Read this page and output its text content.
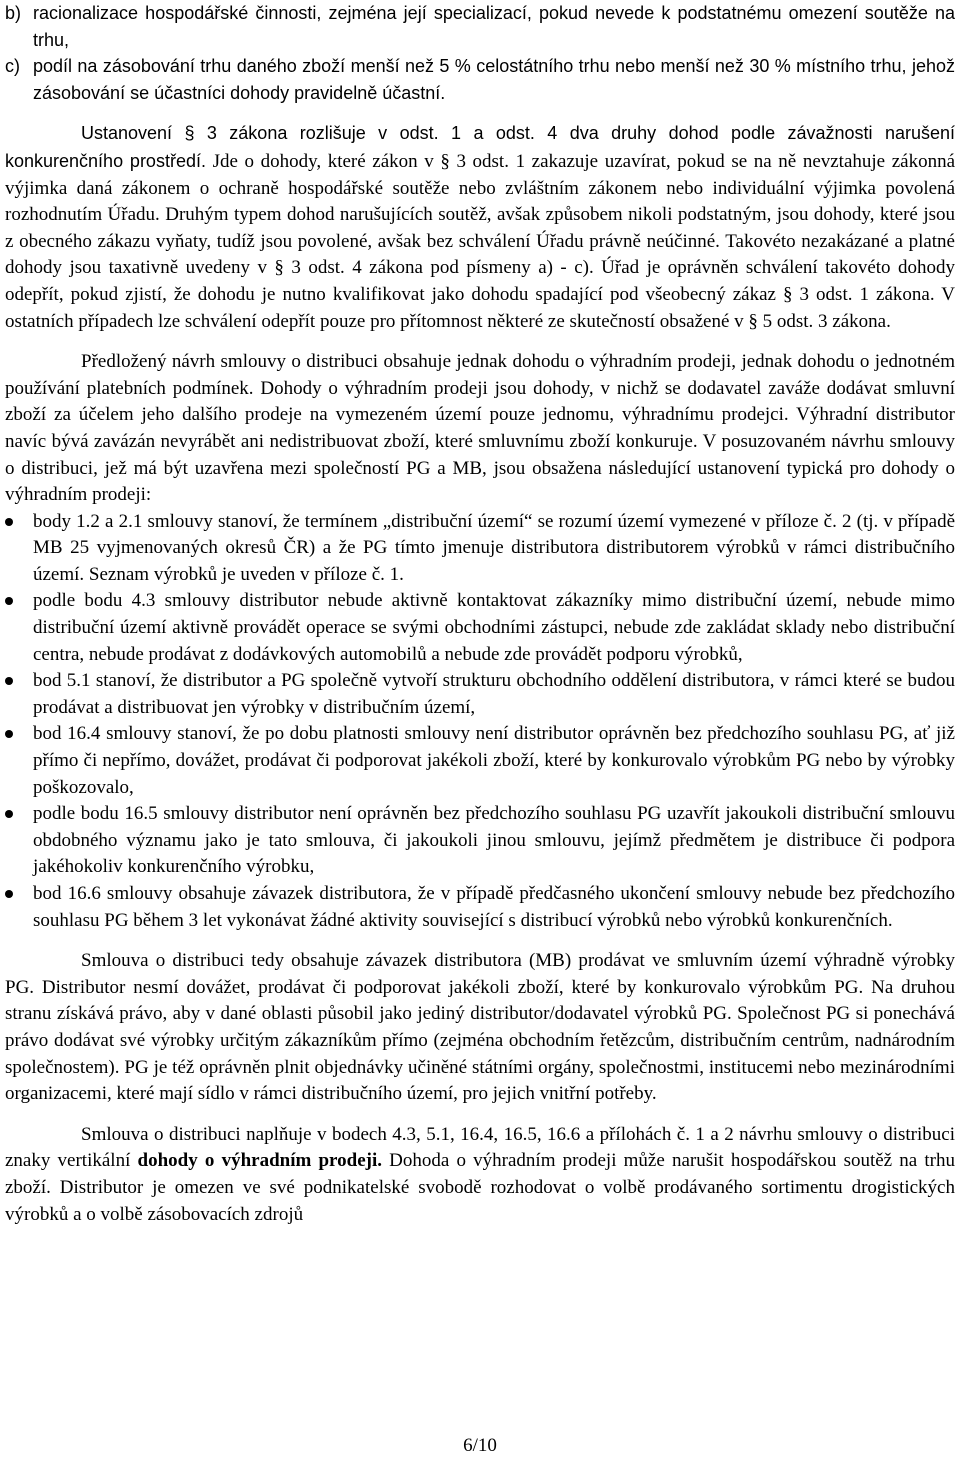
b) racionalizace hospodářské činnosti, zejména její specializací, pokud nevede k podstatnému omezení soutěže na trhu,

c) podíl na zásobování trhu daného zboží menší než 5 % celostátního trhu nebo menší než 30 % místního trhu, jehož zásobování se účastníci dohody pravidelně účastní.

Ustanovení § 3 zákona rozlišuje v odst. 1 a odst. 4 dva druhy dohod podle závažnosti narušení konkurenčního prostředí. Jde o dohody, které zákon v § 3 odst. 1 zakazuje uzavírat, pokud se na ně nevztahuje zákonná výjimka daná zákonem o ochraně hospodářské soutěže nebo zvláštním zákonem nebo individuální výjimka povolená rozhodnutím Úřadu. Druhým typem dohod narušujících soutěž, avšak způsobem nikoli podstatným, jsou dohody, které jsou z obecného zákazu vyňaty, tudíž jsou povolené, avšak bez schválení Úřadu právně neúčinné. Takovéto nezakázané a platné dohody jsou taxativně uvedeny v § 3 odst. 4 zákona pod písmeny a) - c). Úřad je oprávněn schválení takovéto dohody odepřít, pokud zjistí, že dohodu je nutno kvalifikovat jako dohodu spadající pod všeobecný zákaz § 3 odst. 1 zákona. V ostatních případech lze schválení odepřít pouze pro přítomnost některé ze skutečností obsažené v § 5 odst. 3 zákona.

Předložený návrh smlouvy o distribuci obsahuje jednak dohodu o výhradním prodeji, jednak dohodu o jednotném používání platebních podmínek. Dohody o výhradním prodeji jsou dohody, v nichž se dodavatel zaváže dodávat smluvní zboží za účelem jeho dalšího prodeje na vymezeném území pouze jednomu, výhradnímu prodejci. Výhradní distributor navíc bývá zavázán nevyrábět ani nedistribuovat zboží, které smluvnímu zboží konkuruje. V posuzovaném návrhu smlouvy o distribuci, jež má být uzavřena mezi společností PG a MB, jsou obsažena následující ustanovení typická pro dohody o výhradním prodeji:

body 1.2 a 2.1 smlouvy stanoví, že termínem „distribuční území“ se rozumí území vymezené v příloze č. 2 (tj. v případě MB 25 vyjmenovaných okresů ČR) a že PG tímto jmenuje distributora distributorem výrobků v rámci distribučního území. Seznam výrobků je uveden v příloze č. 1.
podle bodu 4.3 smlouvy distributor nebude aktivně kontaktovat zákazníky mimo distribuční území, nebude mimo distribuční území aktivně provádět operace se svými obchodními zástupci, nebude zde zakládat sklady nebo distribuční centra, nebude prodávat z dodávkových automobilů a nebude zde provádět podporu výrobků,
bod 5.1 stanoví, že distributor a PG společně vytvoří strukturu obchodního oddělení distributora, v rámci které se budou prodávat a distribuovat jen výrobky v distribučním území,
bod 16.4 smlouvy stanoví, že po dobu platnosti smlouvy není distributor oprávněn bez předchozího souhlasu PG, ať již přímo či nepřímo, dovážet, prodávat či podporovat jakékoli zboží, které by konkurovalo výrobkům PG nebo by výrobky poškozovalo,
podle bodu 16.5 smlouvy distributor není oprávněn bez předchozího souhlasu PG uzavřít jakoukoli distribuční smlouvu obdobného významu jako je tato smlouva, či jakoukoli jinou smlouvu, jejímž předmětem je distribuce či podpora jakéhokoliv konkurenčního výrobku,
bod 16.6 smlouvy obsahuje závazek distributora, že v případě předčasného ukončení smlouvy nebude bez předchozího souhlasu PG během 3 let vykonávat žádné aktivity související s distribucí výrobků nebo výrobků konkurenčních.

Smlouva o distribuci tedy obsahuje závazek distributora (MB) prodávat ve smluvním území výhradně výrobky PG. Distributor nesmí dovážet, prodávat či podporovat jakékoli zboží, které by konkurovalo výrobkům PG. Na druhou stranu získává právo, aby v dané oblasti působil jako jediný distributor/dodavatel výrobků PG. Společnost PG si ponechává právo dodávat své výrobky určitým zákazníkům přímo (zejména obchodním řetězcům, distribučním centrům, nadnárodním společnostem). PG je též oprávněn plnit objednávky učiněné státními orgány, společnostmi, institucemi nebo mezinárodními organizacemi, které mají sídlo v rámci distribučního území, pro jejich vnitřní potřeby.

Smlouva o distribuci naplňuje v bodech 4.3, 5.1, 16.4, 16.5, 16.6 a přílohách č. 1 a 2 návrhu smlouvy o distribuci znaky vertikální dohody o výhradním prodeji. Dohoda o výhradním prodeji může narušit hospodářskou soutěž na trhu zboží. Distributor je omezen ve své podnikatelské svobodě rozhodovat o volbě prodávaného sortimentu drogistických výrobků a o volbě zásobovacích zdrojů

6/10
